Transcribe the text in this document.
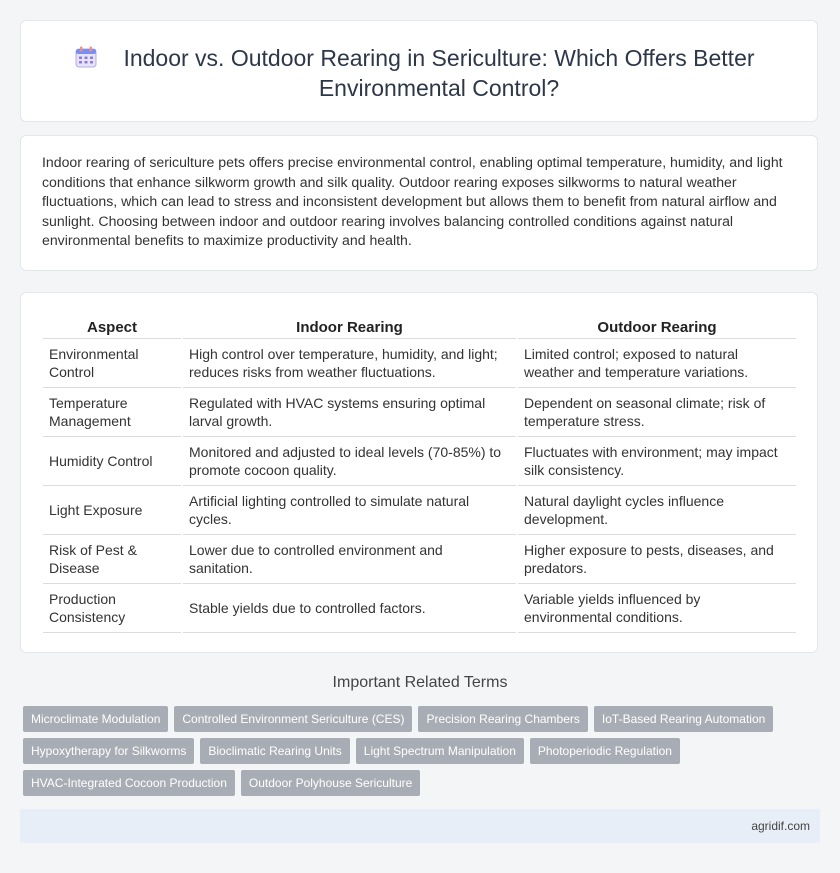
Indoor vs. Outdoor Rearing in Sericulture: Which Offers Better Environmental Control?
Indoor rearing of sericulture pets offers precise environmental control, enabling optimal temperature, humidity, and light conditions that enhance silkworm growth and silk quality. Outdoor rearing exposes silkworms to natural weather fluctuations, which can lead to stress and inconsistent development but allows them to benefit from natural airflow and sunlight. Choosing between indoor and outdoor rearing involves balancing controlled conditions against natural environmental benefits to maximize productivity and health.
Aspect	Indoor Rearing	Outdoor Rearing
Environmental Control	High control over temperature, humidity, and light; reduces risks from weather fluctuations.	Limited control; exposed to natural weather and temperature variations.
Temperature Management	Regulated with HVAC systems ensuring optimal larval growth.	Dependent on seasonal climate; risk of temperature stress.
Humidity Control	Monitored and adjusted to ideal levels (70-85%) to promote cocoon quality.	Fluctuates with environment; may impact silk consistency.
Light Exposure	Artificial lighting controlled to simulate natural cycles.	Natural daylight cycles influence development.
Risk of Pest & Disease	Lower due to controlled environment and sanitation.	Higher exposure to pests, diseases, and predators.
Production Consistency	Stable yields due to controlled factors.	Variable yields influenced by environmental conditions.
Important Related Terms
Microclimate Modulation	Controlled Environment Sericulture (CES)	Precision Rearing Chambers	IoT-Based Rearing Automation
Hypoxytherapy for Silkworms	Bioclimatic Rearing Units	Light Spectrum Manipulation	Photoperiodic Regulation
HVAC-Integrated Cocoon Production	Outdoor Polyhouse Sericulture
agridif.com
